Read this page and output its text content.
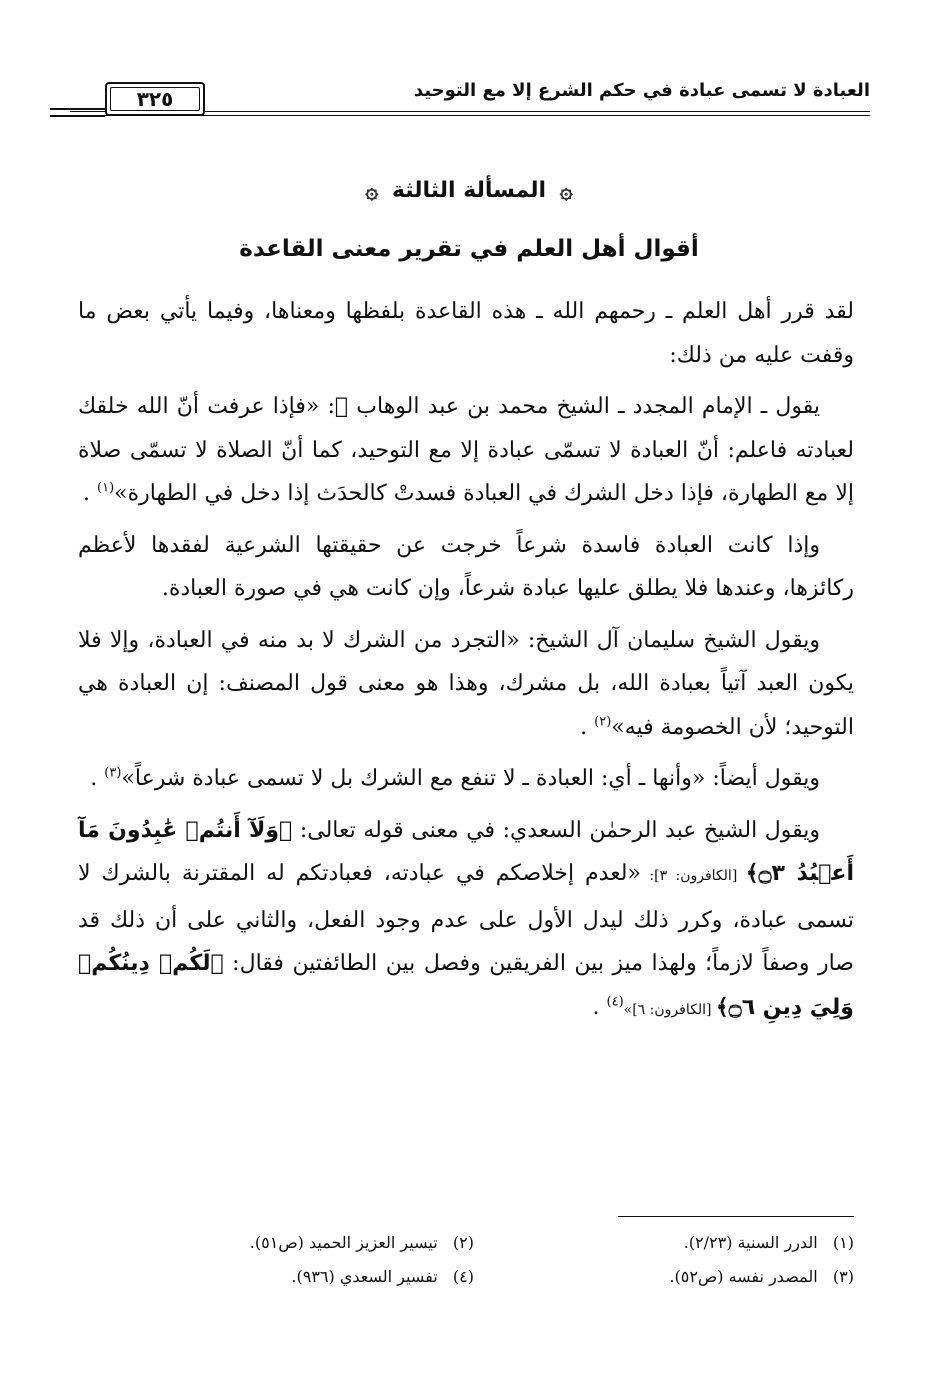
العبادة لا تسمى عبادة في حكم الشرع إلا مع التوحيد
٣٢٥
۞ المسألة الثالثة ۞
أقوال أهل العلم في تقرير معنى القاعدة

لقد قرر أهل العلم ـ رحمهم الله ـ هذه القاعدة بلفظها ومعناها، وفيما يأتي بعض ما وقفت عليه من ذلك:

يقول ـ الإمام المجدد ـ الشيخ محمد بن عبد الوهاب ﷫: «فإذا عرفت أنّ الله خلقك لعبادته فاعلم: أنّ العبادة لا تسمّى عبادة إلا مع التوحيد، كما أنّ الصلاة لا تسمّى صلاة إلا مع الطهارة، فإذا دخل الشرك في العبادة فسدتْ كالحدَث إذا دخل في الطهارة»$^{(١)}$ .

وإذا كانت العبادة فاسدة شرعاً خرجت عن حقيقتها الشرعية لفقدها لأعظم ركائزها، وعندها فلا يطلق عليها عبادة شرعاً، وإن كانت هي في صورة العبادة.

ويقول الشيخ سليمان آل الشيخ: «التجرد من الشرك لا بد منه في العبادة، وإلا فلا يكون العبد آتياً بعبادة الله، بل مشرك، وهذا هو معنى قول المصنف: إن العبادة هي التوحيد؛ لأن الخصومة فيه»$^{(٢)}$ .

ويقول أيضاً: «وأنها ـ أي: العبادة ـ لا تنفع مع الشرك بل لا تسمى عبادة شرعاً»$^{(٣)}$ .

ويقول الشيخ عبد الرحمٰن السعدي: في معنى قوله تعالى: ﴿وَلَآ أَنتُمۡ عَٰبِدُونَ مَآ أَعۡبُدُ ۝٣﴾ [الكافرون: ٣]: «لعدم إخلاصكم في عبادته، فعبادتكم له المقترنة بالشرك لا تسمى عبادة، وكرر ذلك ليدل الأول على عدم وجود الفعل، والثاني على أن ذلك قد صار وصفاً لازماً؛ ولهذا ميز بين الفريقين وفصل بين الطائفتين فقال: ﴿لَكُمۡ دِينُكُمۡ وَلِيَ دِينِ ۝٦﴾ [الكافرون: ٦]»$^{(٤)}$ .

(١)   الدرر السنية (٢/٢٣).
(٢)   تيسير العزيز الحميد (ص٥١).
(٣)   المصدر نفسه (ص٥٢).
(٤)   تفسير السعدي (٩٣٦).
